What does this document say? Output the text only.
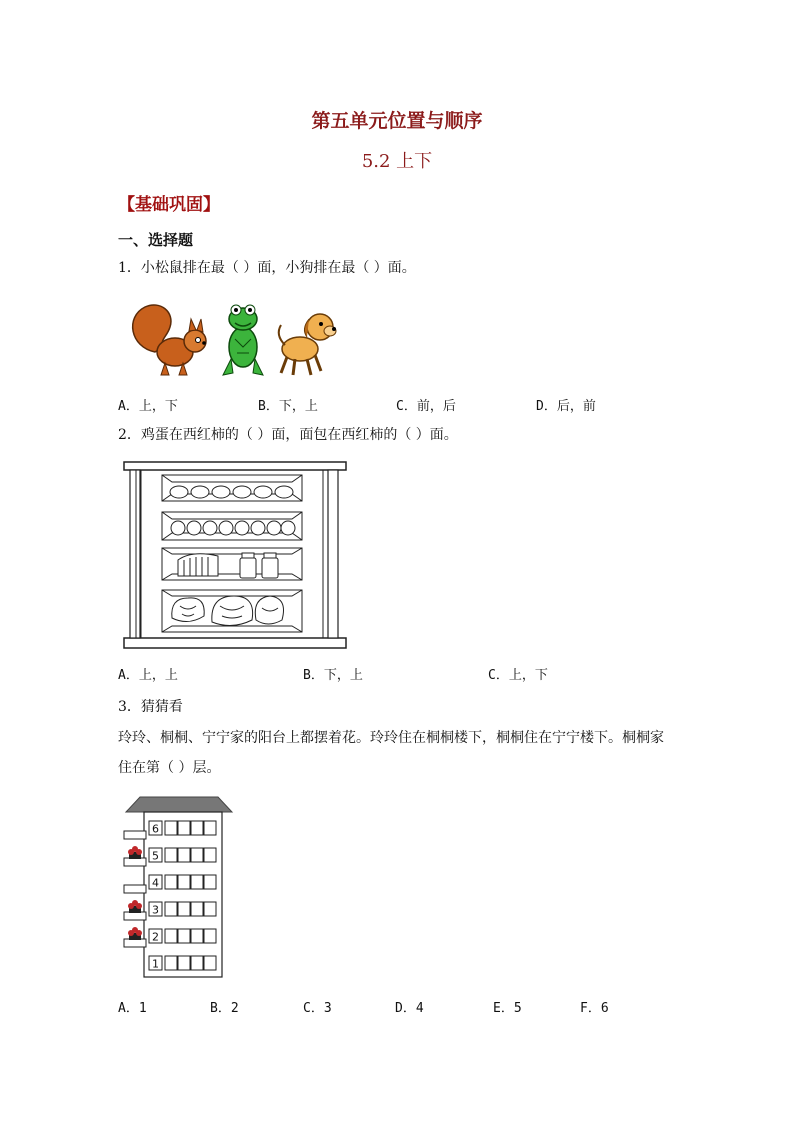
第五单元位置与顺序
5.2 上下
【基础巩固】
一、选择题
1．小松鼠排在最（ ）面，小狗排在最（ ）面。
A．上，下	B．下，上	C．前，后	D．后，前
2．鸡蛋在西红柿的（ ）面，面包在西红柿的（ ）面。
A．上，上	B．下，上	C．上，下
3．猜猜看
玲玲、桐桐、宁宁家的阳台上都摆着花。玲玲住在桐桐楼下，桐桐住在宁宁楼下。桐桐家
住在第（ ）层。
6
5
4
3
2
1
A．1	B．2	C．3	D．4	E．5	F．6
